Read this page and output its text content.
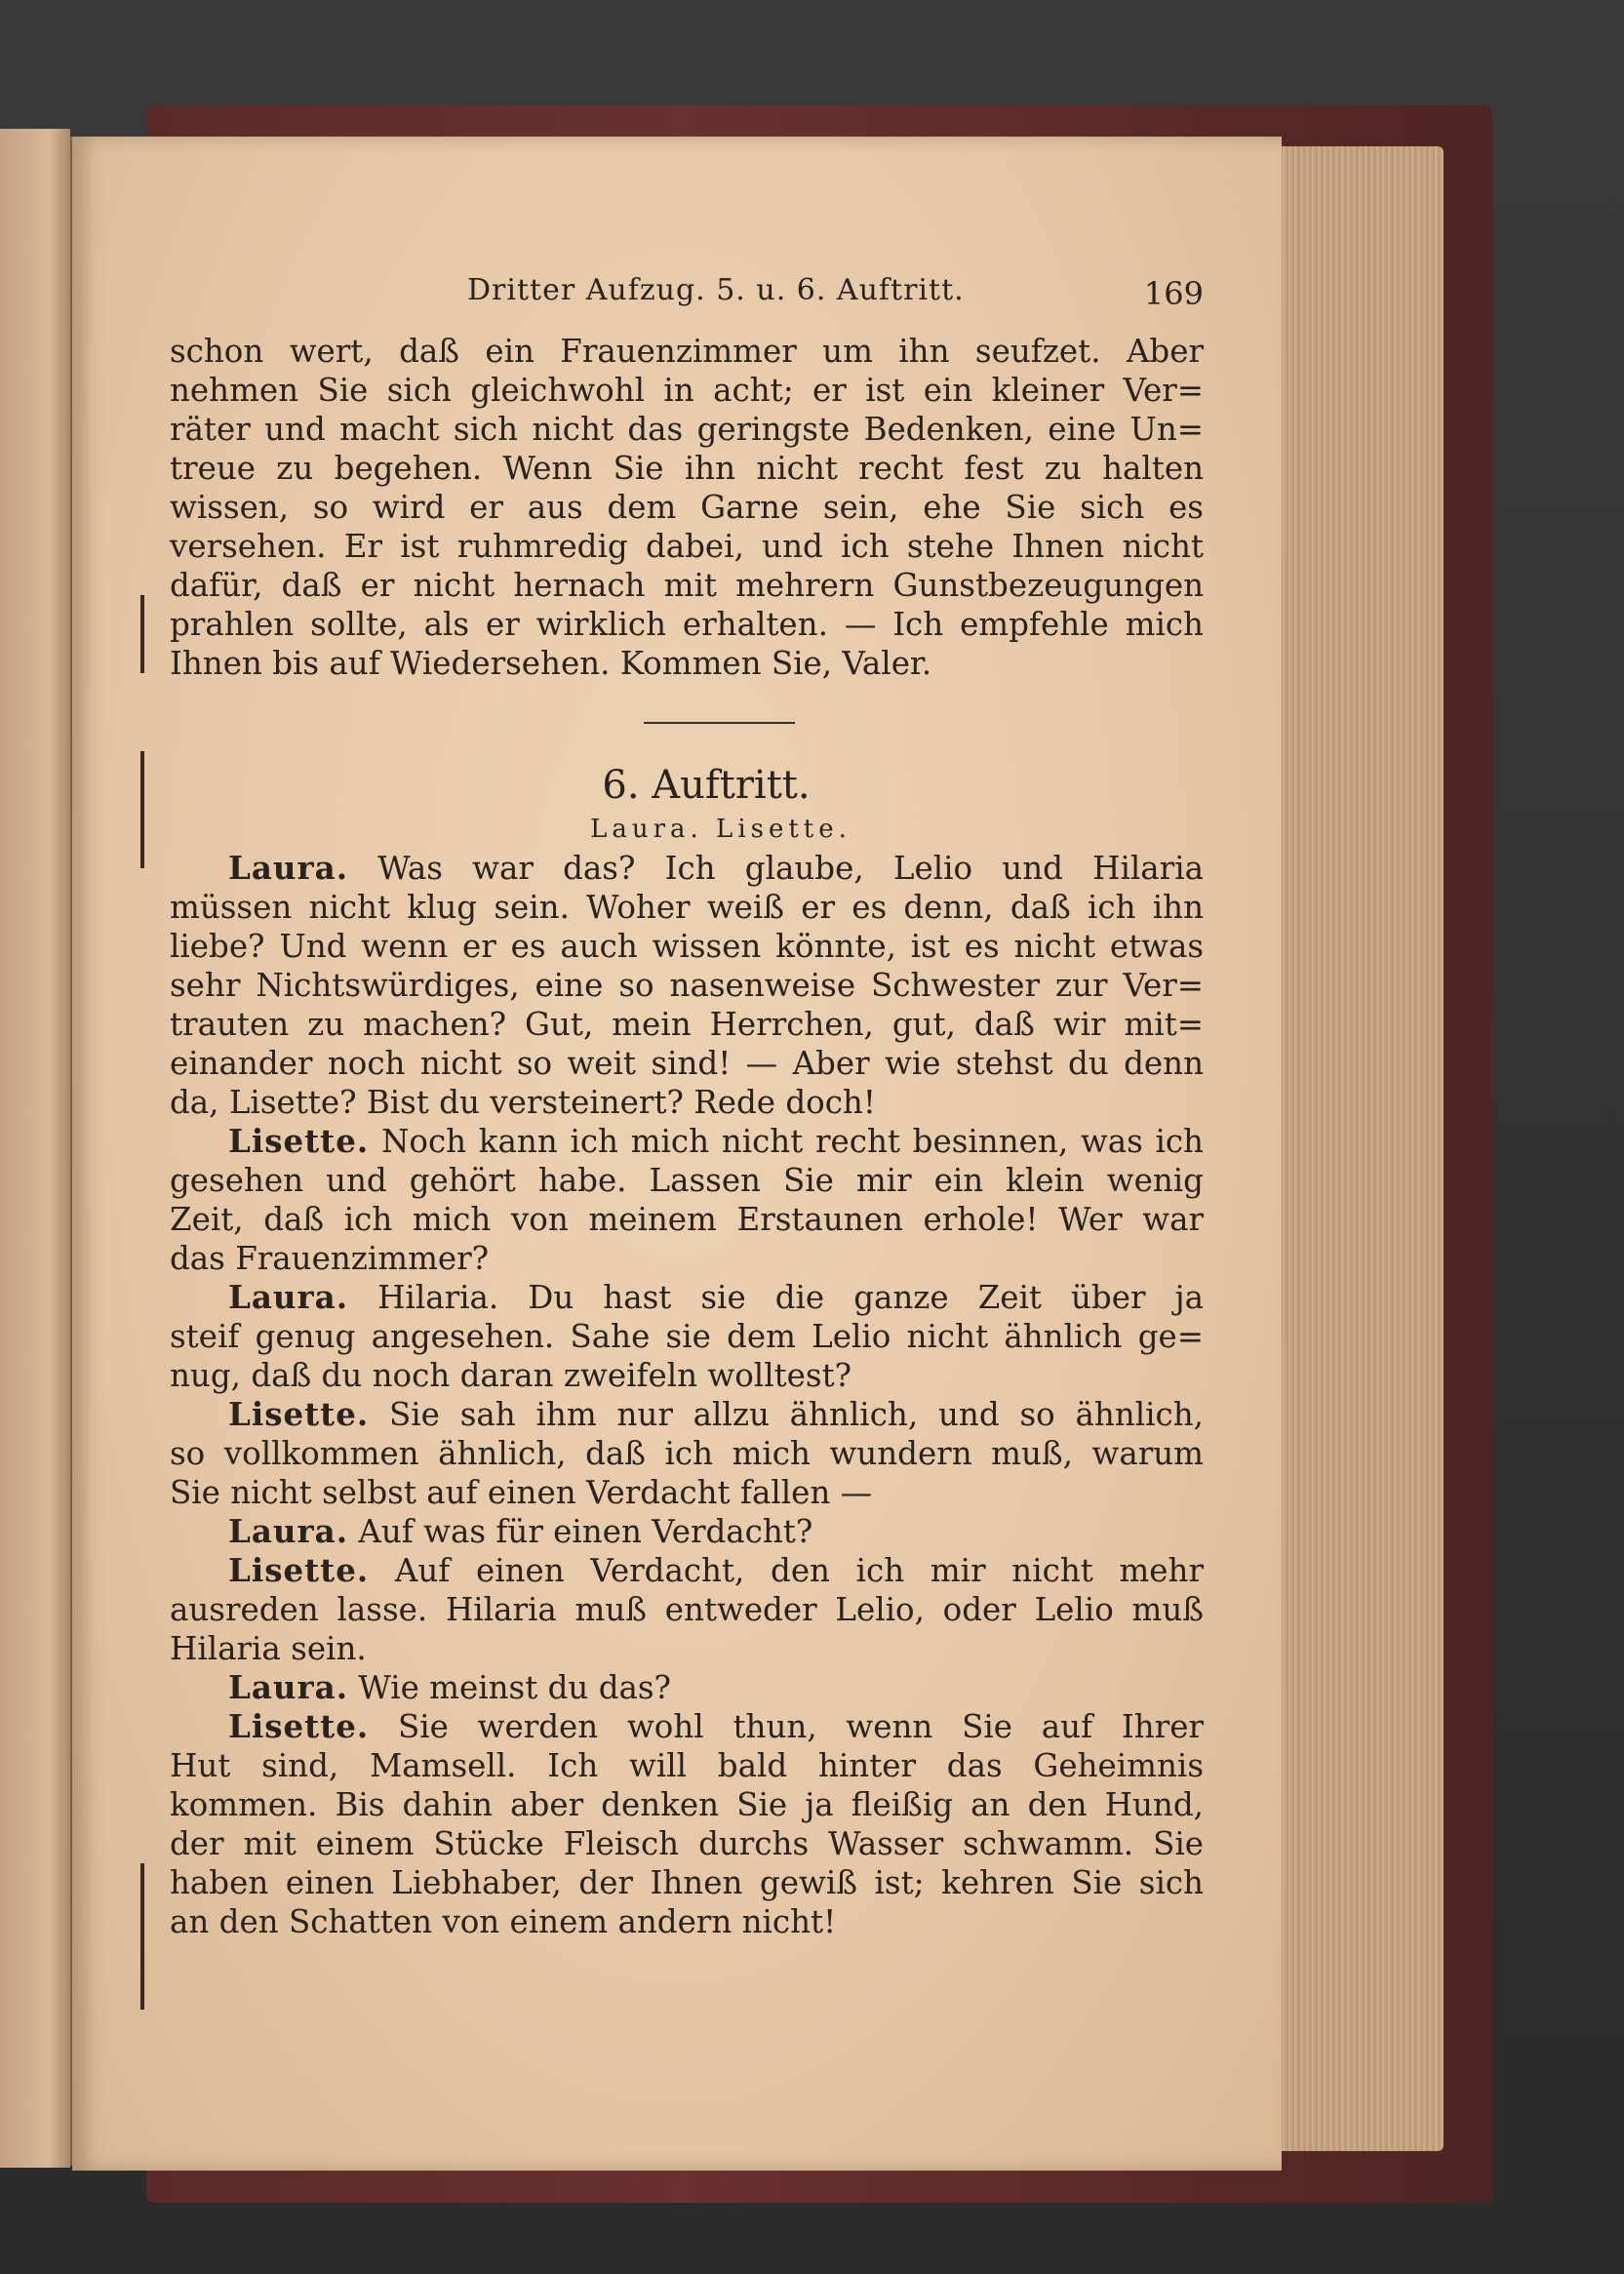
Dritter Aufzug. 5. u. 6. Auftritt.	169
schon wert, daß ein Frauenzimmer um ihn seufzet. Aber
nehmen Sie sich gleichwohl in acht; er ist ein kleiner Ver=
räter und macht sich nicht das geringste Bedenken, eine Un=
treue zu begehen. Wenn Sie ihn nicht recht fest zu halten
wissen, so wird er aus dem Garne sein, ehe Sie sich es
versehen. Er ist ruhmredig dabei, und ich stehe Ihnen nicht
dafür, daß er nicht hernach mit mehrern Gunstbezeugungen
prahlen sollte, als er wirklich erhalten. — Ich empfehle mich
Ihnen bis auf Wiedersehen. Kommen Sie, Valer.
6. Auftritt.
Laura. Lisette.
Laura. Was war das? Ich glaube, Lelio und Hilaria
müssen nicht klug sein. Woher weiß er es denn, daß ich ihn
liebe? Und wenn er es auch wissen könnte, ist es nicht etwas
sehr Nichtswürdiges, eine so nasenweise Schwester zur Ver=
trauten zu machen? Gut, mein Herrchen, gut, daß wir mit=
einander noch nicht so weit sind! — Aber wie stehst du denn
da, Lisette? Bist du versteinert? Rede doch!
Lisette. Noch kann ich mich nicht recht besinnen, was ich
gesehen und gehört habe. Lassen Sie mir ein klein wenig
Zeit, daß ich mich von meinem Erstaunen erhole! Wer war
das Frauenzimmer?
Laura. Hilaria. Du hast sie die ganze Zeit über ja
steif genug angesehen. Sahe sie dem Lelio nicht ähnlich ge=
nug, daß du noch daran zweifeln wolltest?
Lisette. Sie sah ihm nur allzu ähnlich, und so ähnlich,
so vollkommen ähnlich, daß ich mich wundern muß, warum
Sie nicht selbst auf einen Verdacht fallen —
Laura. Auf was für einen Verdacht?
Lisette. Auf einen Verdacht, den ich mir nicht mehr
ausreden lasse. Hilaria muß entweder Lelio, oder Lelio muß
Hilaria sein.
Laura. Wie meinst du das?
Lisette. Sie werden wohl thun, wenn Sie auf Ihrer
Hut sind, Mamsell. Ich will bald hinter das Geheimnis
kommen. Bis dahin aber denken Sie ja fleißig an den Hund,
der mit einem Stücke Fleisch durchs Wasser schwamm. Sie
haben einen Liebhaber, der Ihnen gewiß ist; kehren Sie sich
an den Schatten von einem andern nicht!
